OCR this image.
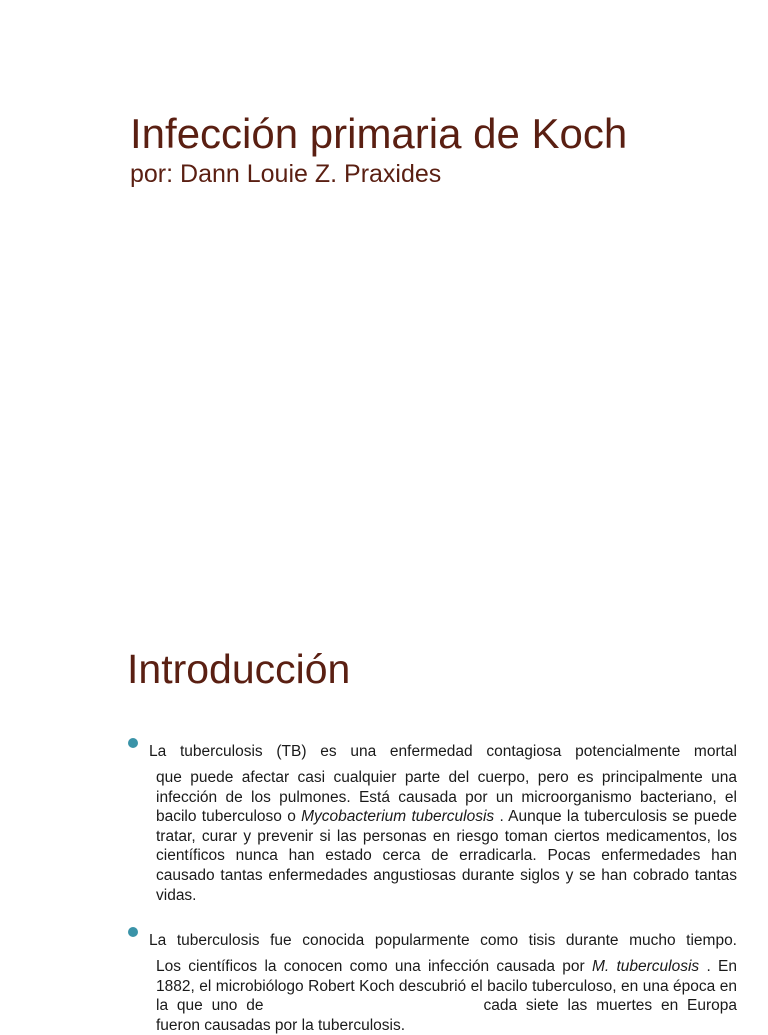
Infección primaria de Koch

por: Dann Louie Z. Praxides

Introducción

La tuberculosis (TB) es una enfermedad contagiosa potencialmente mortal

que puede afectar casi cualquier parte del cuerpo, pero es principalmente una infección de los pulmones. Está causada por un microorganismo bacteriano, el bacilo tuberculoso o Mycobacterium tuberculosis . Aunque la tuberculosis se puede tratar, curar y prevenir si las personas en riesgo toman ciertos medicamentos, los científicos nunca han estado cerca de erradicarla. Pocas enfermedades han causado tantas enfermedades angustiosas durante siglos y se han cobrado tantas vidas.

La tuberculosis fue conocida popularmente como tisis durante mucho tiempo.

Los científicos la conocen como una infección causada por M. tuberculosis . En 1882, el microbiólogo Robert Koch descubrió el bacilo tuberculoso, en una época en la que uno de	cada siete las muertes en Europa fueron causadas por la tuberculosis.
